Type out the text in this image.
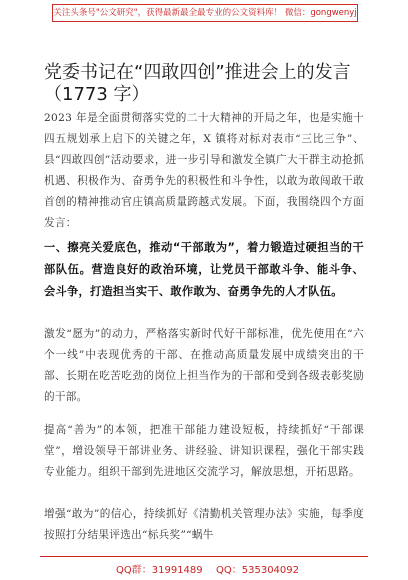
关注头条号"公文研究"，获得最新最全最专业的公文资料库！ 微信：gongwenyj
党委书记在“四敢四创”推进会上的发言
（1773 字）

2023 年是全面贯彻落实党的二十大精神的开局之年，也是实施十四五规划承上启下的关键之年，X 镇将对标对表市“三比三争”、县“四敢四创”活动要求，进一步引导和激发全镇广大干群主动抢抓机遇、积极作为、奋勇争先的积极性和斗争性，以敢为敢闯敢干敢首创的精神推动官庄镇高质量跨越式发展。下面，我围绕四个方面发言：

一、擦亮关爱底色，推动“干部敢为”，着力锻造过硬担当的干部队伍。营造良好的政治环境，让党员干部敢斗争、能斗争、会斗争，打造担当实干、敢作敢为、奋勇争先的人才队伍。

激发“愿为”的动力，严格落实新时代好干部标准，优先使用在“六个一线”中表现优秀的干部、在推动高质量发展中成绩突出的干部、长期在吃苦吃劲的岗位上担当作为的干部和受到各级表彰奖励的干部。

提高“善为”的本领，把准干部能力建设短板，持续抓好“干部课堂”，增设领导干部讲业务、讲经验、讲知识课程，强化干部实践专业能力。组织干部到先进地区交流学习，解放思想，开拓思路。

增强“敢为”的信心，持续抓好《清勤机关管理办法》实施，每季度按照打分结果评选出“标兵奖”“蜗牛

QQ群：31991489 QQ：535304092
